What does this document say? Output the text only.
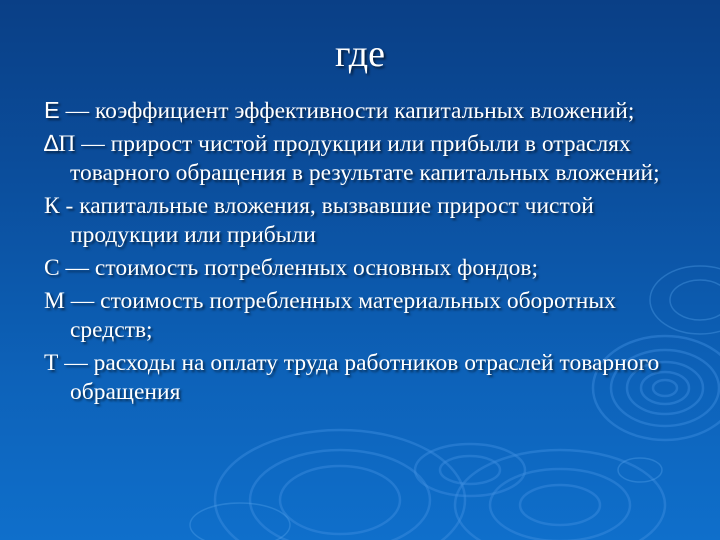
где
E — коэффициент эффективности капитальных вложений;
∆П — прирост чистой продукции или прибыли в отраслях товарного обращения в результате капитальных вложений;
К - капитальные вложения, вызвавшие прирост чистой продукции или прибыли
С — стоимость потребленных основных фондов;
М — стоимость потребленных материальных оборотных средств;
Т — расходы на оплату труда работников отраслей товарного обращения
